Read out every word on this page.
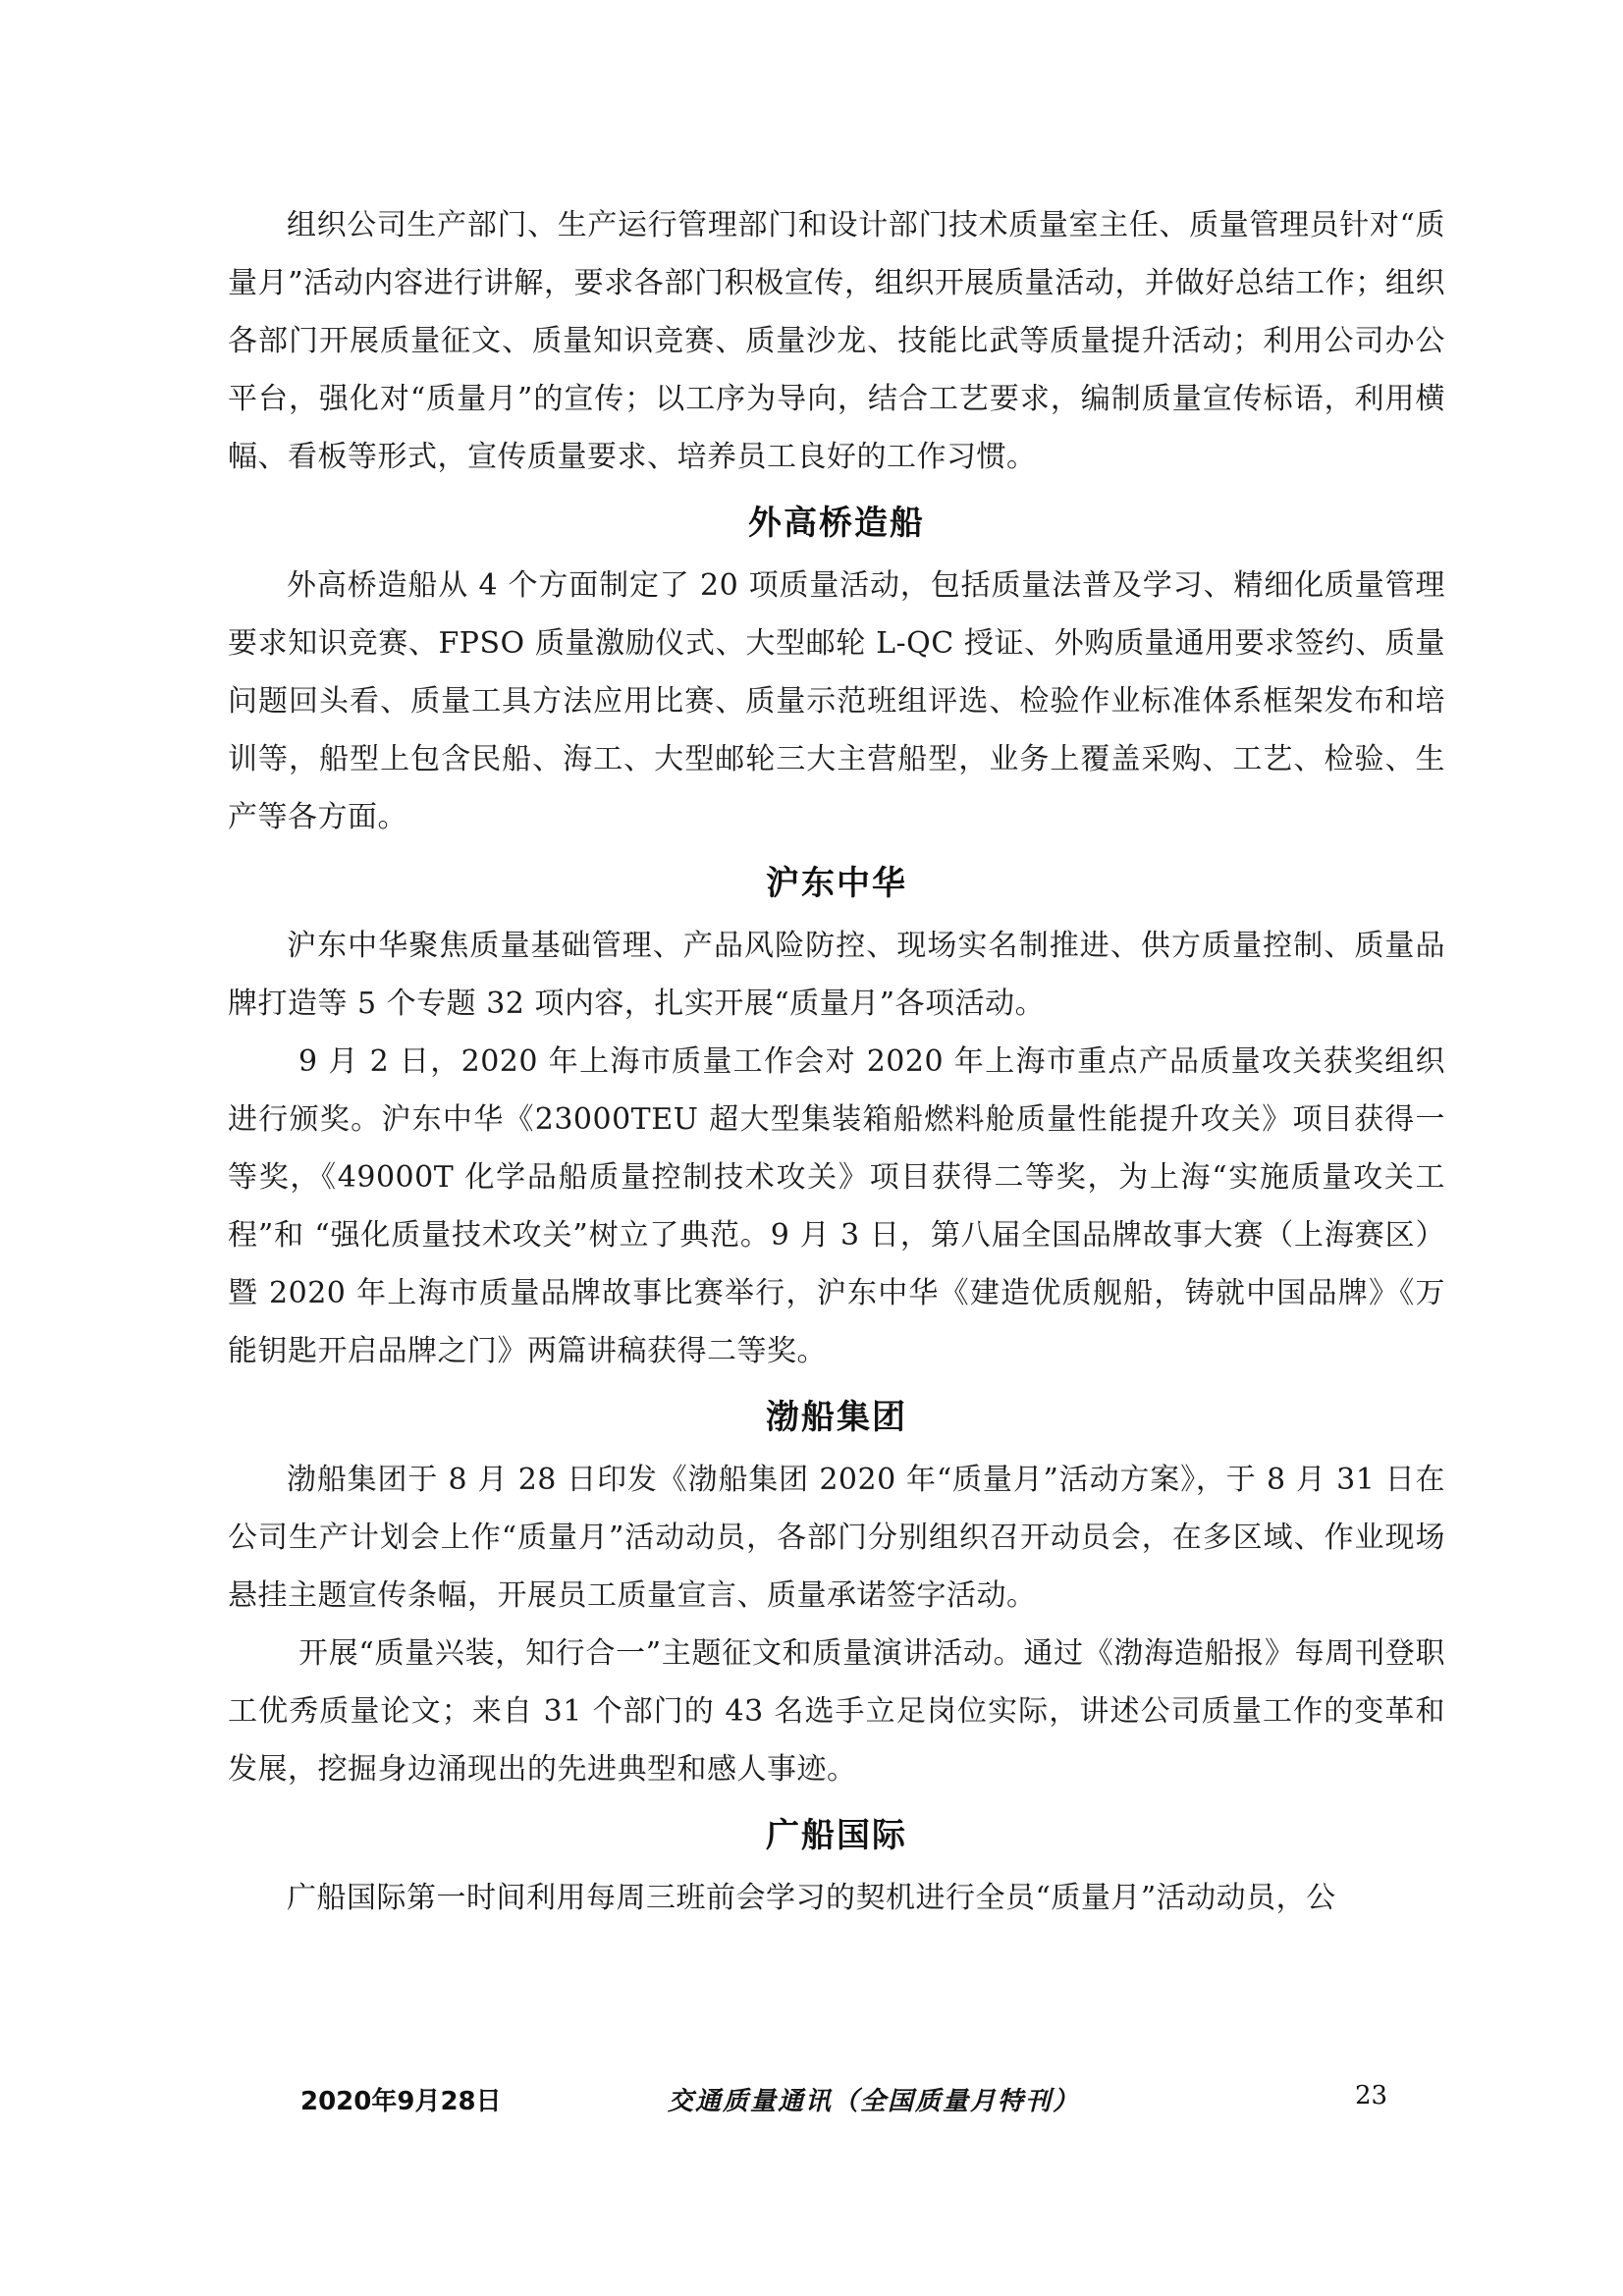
组织公司生产部门、生产运行管理部门和设计部门技术质量室主任、质量管理员针对“质量月”活动内容进行讲解，要求各部门积极宣传，组织开展质量活动，并做好总结工作；组织各部门开展质量征文、质量知识竞赛、质量沙龙、技能比武等质量提升活动；利用公司办公平台，强化对“质量月”的宣传；以工序为导向，结合工艺要求，编制质量宣传标语，利用横幅、看板等形式，宣传质量要求、培养员工良好的工作习惯。

外高桥造船

外高桥造船从 4 个方面制定了 20 项质量活动，包括质量法普及学习、精细化质量管理要求知识竞赛、FPSO 质量激励仪式、大型邮轮 L-QC 授证、外购质量通用要求签约、质量问题回头看、质量工具方法应用比赛、质量示范班组评选、检验作业标准体系框架发布和培训等，船型上包含民船、海工、大型邮轮三大主营船型，业务上覆盖采购、工艺、检验、生产等各方面。

沪东中华

沪东中华聚焦质量基础管理、产品风险防控、现场实名制推进、供方质量控制、质量品牌打造等 5 个专题 32 项内容，扎实开展“质量月”各项活动。

9 月 2 日，2020 年上海市质量工作会对 2020 年上海市重点产品质量攻关获奖组织进行颁奖。沪东中华《23000TEU 超大型集装箱船燃料舱质量性能提升攻关》项目获得一等奖，《49000T 化学品船质量控制技术攻关》项目获得二等奖，为上海“实施质量攻关工程”和 “强化质量技术攻关”树立了典范。9 月 3 日，第八届全国品牌故事大赛（上海赛区）暨 2020 年上海市质量品牌故事比赛举行，沪东中华《建造优质舰船，铸就中国品牌》《万能钥匙开启品牌之门》两篇讲稿获得二等奖。

渤船集团

渤船集团于 8 月 28 日印发《渤船集团 2020 年“质量月”活动方案》，于 8 月 31 日在公司生产计划会上作“质量月”活动动员，各部门分别组织召开动员会，在多区域、作业现场悬挂主题宣传条幅，开展员工质量宣言、质量承诺签字活动。

开展“质量兴装，知行合一”主题征文和质量演讲活动。通过《渤海造船报》每周刊登职工优秀质量论文；来自 31 个部门的 43 名选手立足岗位实际，讲述公司质量工作的变革和发展，挖掘身边涌现出的先进典型和感人事迹。

广船国际

广船国际第一时间利用每周三班前会学习的契机进行全员“质量月”活动动员，公

2020年9月28日	交通质量通讯（全国质量月特刊）	23
